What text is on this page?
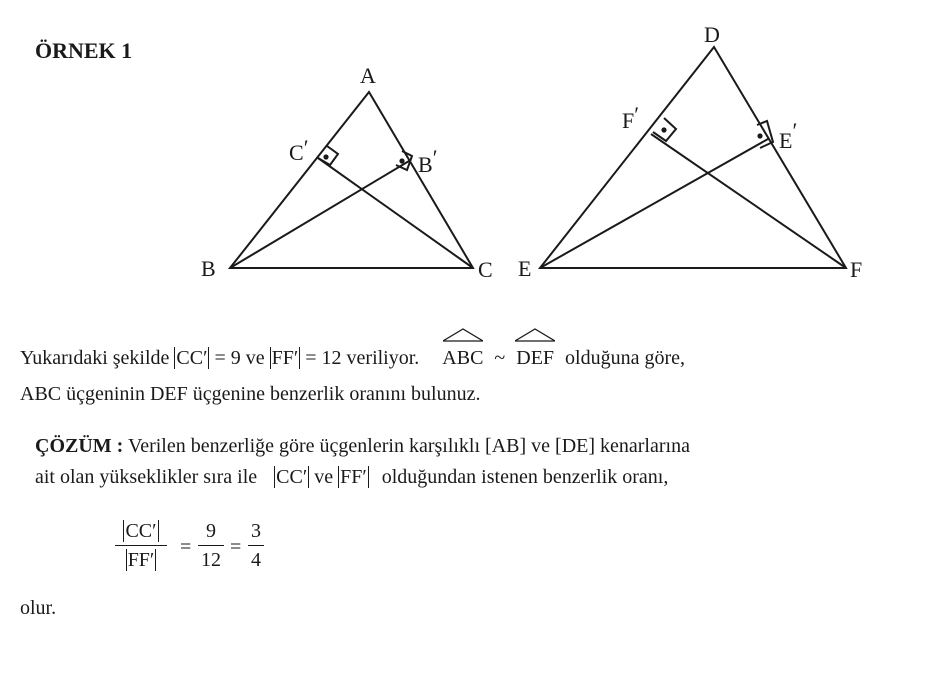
ÖRNEK 1
A
B	C
C′
B′
D
E	F
F′
E′
Yukarıdaki şekilde CC′ = 9 ve FF′ = 12 veriliyor. ABC ~ DEF olduğuna göre,
ABC üçgeninin DEF üçgenine benzerlik oranını bulunuz.
ÇÖZÜM : Verilen benzerliğe göre üçgenlerin karşılıklı [AB] ve [DE] kenarlarına
ait olan yükseklikler sıra ile CC′ ve FF′ olduğundan istenen benzerlik oranı,
$\frac{CC'}{FF'} = \frac{9}{12} = \frac{3}{4}$
olur.
